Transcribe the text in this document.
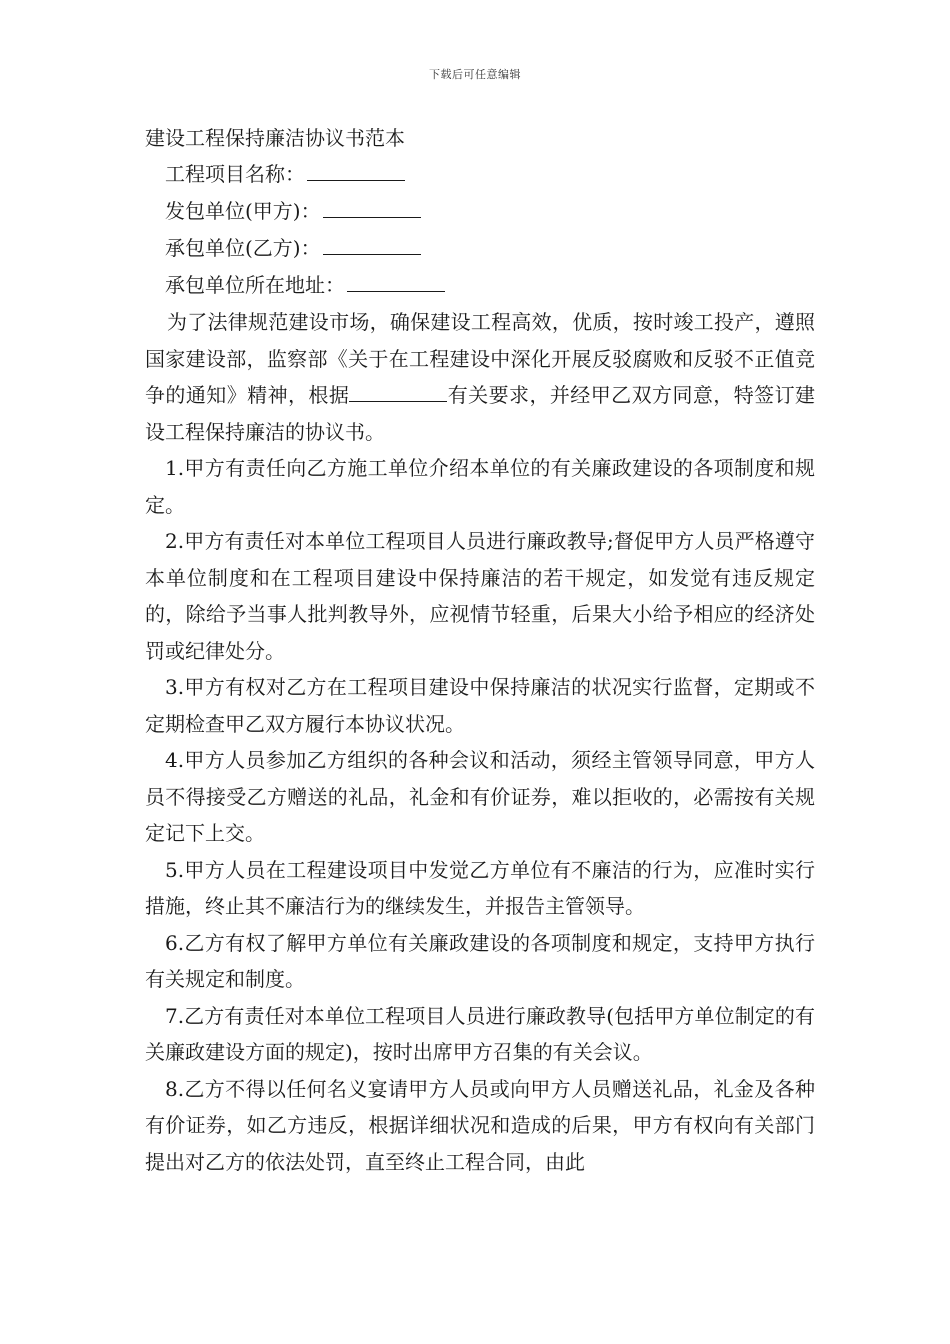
下载后可任意编辑
建设工程保持廉洁协议书范本
工程项目名称：
发包单位(甲方)：
承包单位(乙方)：
承包单位所在地址：

为了法律规范建设市场，确保建设工程高效，优质，按时竣工投产，遵照国家建设部，监察部《关于在工程建设中深化开展反驳腐败和反驳不正值竞争的通知》精神，根据	有关要求，并经甲乙双方同意，特签订建设工程保持廉洁的协议书。

1.甲方有责任向乙方施工单位介绍本单位的有关廉政建设的各项制度和规定。

2.甲方有责任对本单位工程项目人员进行廉政教导;督促甲方人员严格遵守本单位制度和在工程项目建设中保持廉洁的若干规定，如发觉有违反规定的，除给予当事人批判教导外，应视情节轻重，后果大小给予相应的经济处罚或纪律处分。

3.甲方有权对乙方在工程项目建设中保持廉洁的状况实行监督，定期或不定期检查甲乙双方履行本协议状况。

4.甲方人员参加乙方组织的各种会议和活动，须经主管领导同意，甲方人员不得接受乙方赠送的礼品，礼金和有价证券，难以拒收的，必需按有关规定记下上交。

5.甲方人员在工程建设项目中发觉乙方单位有不廉洁的行为，应准时实行措施，终止其不廉洁行为的继续发生，并报告主管领导。

6.乙方有权了解甲方单位有关廉政建设的各项制度和规定，支持甲方执行有关规定和制度。

7.乙方有责任对本单位工程项目人员进行廉政教导(包括甲方单位制定的有关廉政建设方面的规定)，按时出席甲方召集的有关会议。

8.乙方不得以任何名义宴请甲方人员或向甲方人员赠送礼品，礼金及各种有价证券，如乙方违反，根据详细状况和造成的后果，甲方有权向有关部门提出对乙方的依法处罚，直至终止工程合同，由此
